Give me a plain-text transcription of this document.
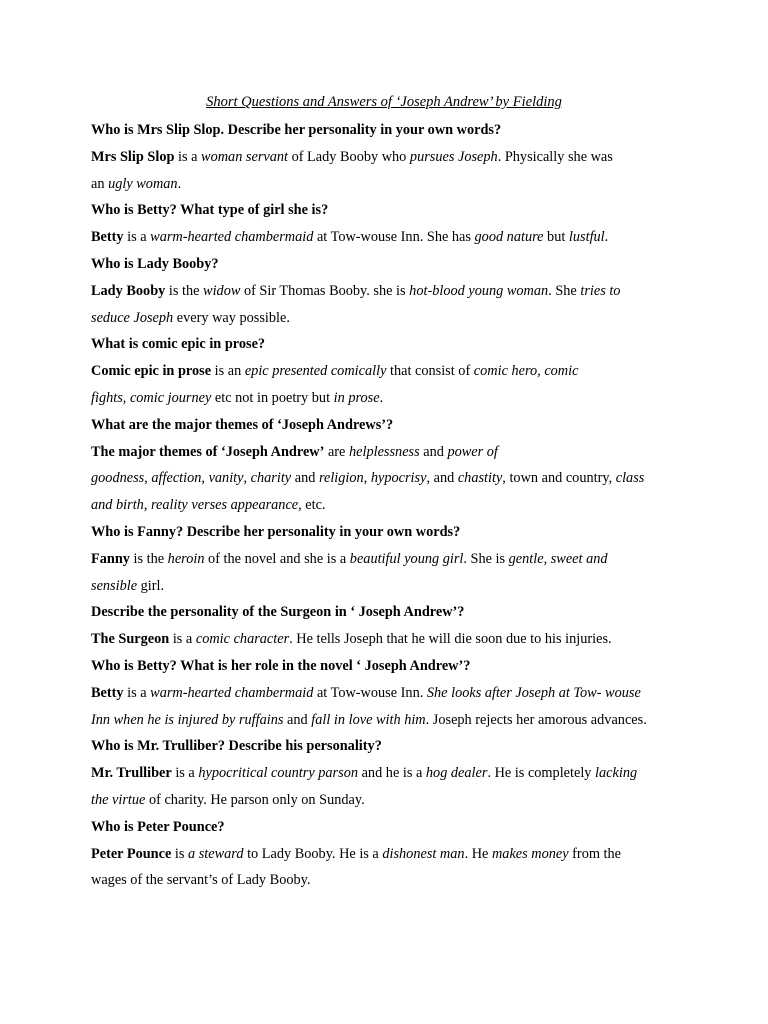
Short Questions and Answers of ‘Joseph Andrew’ by Fielding
Who is Mrs Slip Slop. Describe her personality in your own words?
Mrs Slip Slop is a woman servant of Lady Booby who pursues Joseph. Physically she was
an ugly woman.
Who is Betty? What type of girl she is?
Betty is a warm-hearted chambermaid at Tow-wouse Inn. She has good nature but lustful.
Who is Lady Booby?
Lady Booby is the widow of Sir Thomas Booby. she is hot-blood young woman. She tries to
seduce Joseph every way possible.
What is comic epic in prose?
Comic epic in prose is an epic presented comically that consist of comic hero, comic
fights, comic journey etc not in poetry but in prose.
What are the major themes of ‘Joseph Andrews’?
The major themes of ‘Joseph Andrew’ are helplessness and power of
goodness, affection, vanity, charity and religion, hypocrisy, and chastity, town and country, class
and birth, reality verses appearance, etc.
Who is Fanny? Describe her personality in your own words?
Fanny is the heroin of the novel and she is a beautiful young girl. She is gentle, sweet and
sensible girl.
Describe the personality of the Surgeon in ‘ Joseph Andrew’?
The Surgeon is a comic character. He tells Joseph that he will die soon due to his injuries.
Who is Betty? What is her role in the novel ‘ Joseph Andrew’?
Betty is a warm-hearted chambermaid at Tow-wouse Inn. She looks after Joseph at Tow- wouse
Inn when he is injured by ruffains and fall in love with him. Joseph rejects her amorous advances.
Who is Mr. Trulliber? Describe his personality?
Mr. Trulliber is a hypocritical country parson and he is a hog dealer. He is completely lacking
the virtue of charity. He parson only on Sunday.
Who is Peter Pounce?
Peter Pounce is a steward to Lady Booby. He is a dishonest man. He makes money from the
wages of the servant’s of Lady Booby.
